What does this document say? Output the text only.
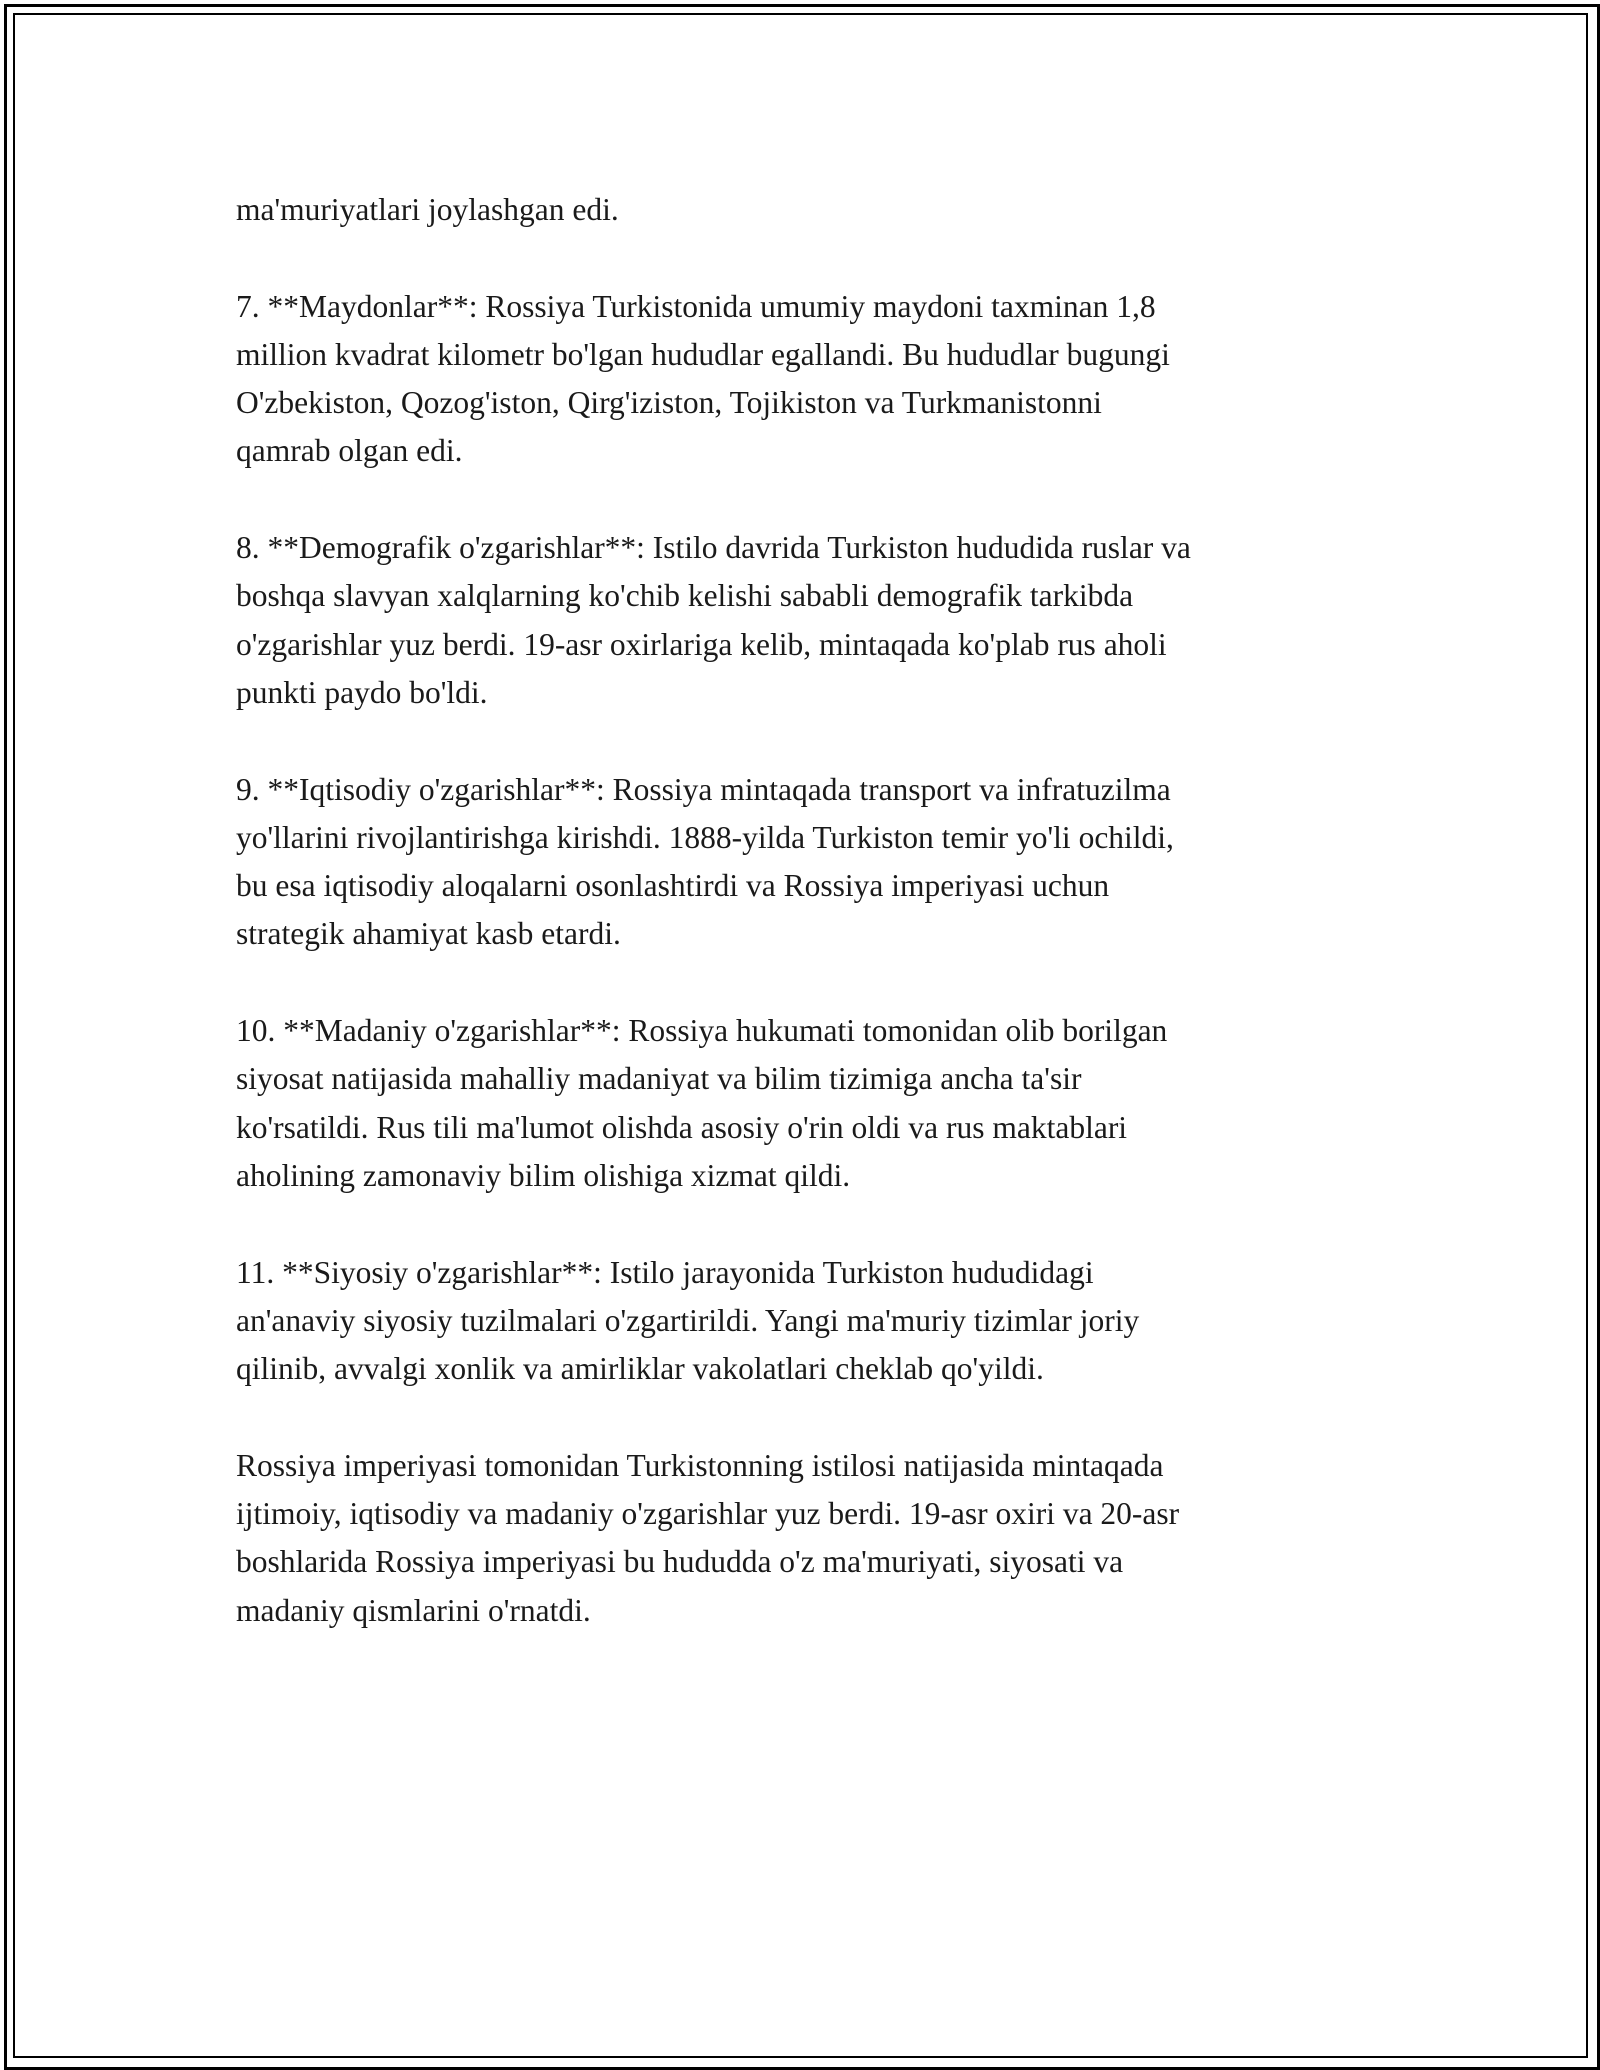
ma'muriyatlari joylashgan edi.

7. **Maydonlar**: Rossiya Turkistonida umumiy maydoni taxminan 1,8
million kvadrat kilometr bo'lgan hududlar egallandi. Bu hududlar bugungi
O'zbekiston, Qozog'iston, Qirg'iziston, Tojikiston va Turkmanistonni
qamrab olgan edi.

8. **Demografik o'zgarishlar**: Istilo davrida Turkiston hududida ruslar va
boshqa slavyan xalqlarning ko'chib kelishi sababli demografik tarkibda
o'zgarishlar yuz berdi. 19-asr oxirlariga kelib, mintaqada ko'plab rus aholi
punkti paydo bo'ldi.

9. **Iqtisodiy o'zgarishlar**: Rossiya mintaqada transport va infratuzilma
yo'llarini rivojlantirishga kirishdi. 1888-yilda Turkiston temir yo'li ochildi,
bu esa iqtisodiy aloqalarni osonlashtirdi va Rossiya imperiyasi uchun
strategik ahamiyat kasb etardi.

10. **Madaniy o'zgarishlar**: Rossiya hukumati tomonidan olib borilgan
siyosat natijasida mahalliy madaniyat va bilim tizimiga ancha ta'sir
ko'rsatildi. Rus tili ma'lumot olishda asosiy o'rin oldi va rus maktablari
aholining zamonaviy bilim olishiga xizmat qildi.

11. **Siyosiy o'zgarishlar**: Istilo jarayonida Turkiston hududidagi
an'anaviy siyosiy tuzilmalari o'zgartirildi. Yangi ma'muriy tizimlar joriy
qilinib, avvalgi xonlik va amirliklar vakolatlari cheklab qo'yildi.

Rossiya imperiyasi tomonidan Turkistonning istilosi natijasida mintaqada
ijtimoiy, iqtisodiy va madaniy o'zgarishlar yuz berdi. 19-asr oxiri va 20-asr
boshlarida Rossiya imperiyasi bu hududda o'z ma'muriyati, siyosati va
madaniy qismlarini o'rnatdi.
